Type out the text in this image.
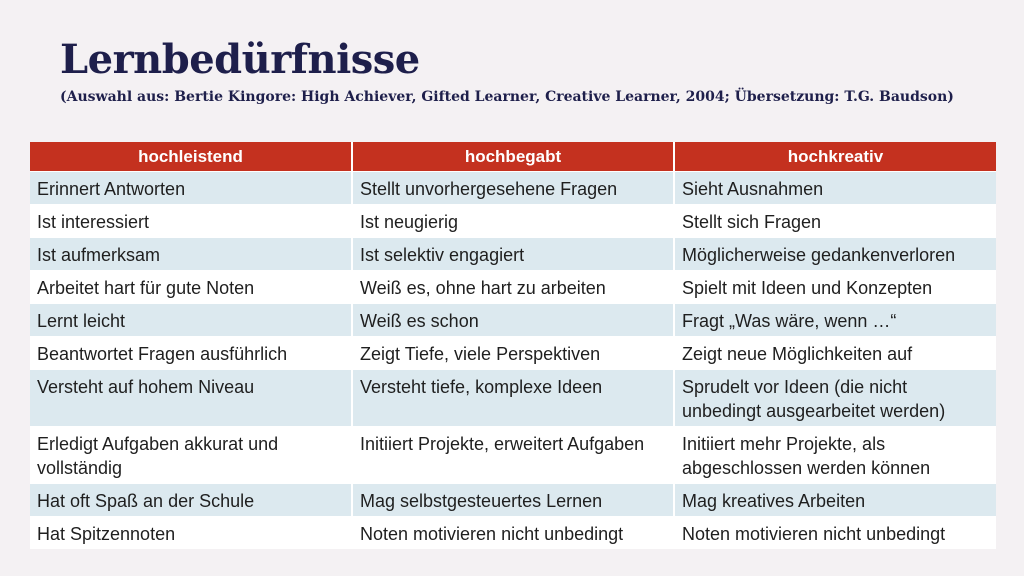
Lernbedürfnisse
(Auswahl aus: Bertie Kingore: High Achiever, Gifted Learner, Creative Learner, 2004; Übersetzung: T.G. Baudson)
hochleistend	hochbegabt	hochkreativ
Erinnert Antworten	Stellt unvorhergesehene Fragen	Sieht Ausnahmen
Ist interessiert	Ist neugierig	Stellt sich Fragen
Ist aufmerksam	Ist selektiv engagiert	Möglicherweise gedankenverloren
Arbeitet hart für gute Noten	Weiß es, ohne hart zu arbeiten	Spielt mit Ideen und Konzepten
Lernt leicht	Weiß es schon	Fragt „Was wäre, wenn …“
Beantwortet Fragen ausführlich	Zeigt Tiefe, viele Perspektiven	Zeigt neue Möglichkeiten auf
Versteht auf hohem Niveau	Versteht tiefe, komplexe Ideen	Sprudelt vor Ideen (die nicht unbedingt ausgearbeitet werden)
Erledigt Aufgaben akkurat und vollständig	Initiiert Projekte, erweitert Aufgaben	Initiiert mehr Projekte, als abgeschlossen werden können
Hat oft Spaß an der Schule	Mag selbstgesteuertes Lernen	Mag kreatives Arbeiten
Hat Spitzennoten	Noten motivieren nicht unbedingt	Noten motivieren nicht unbedingt
